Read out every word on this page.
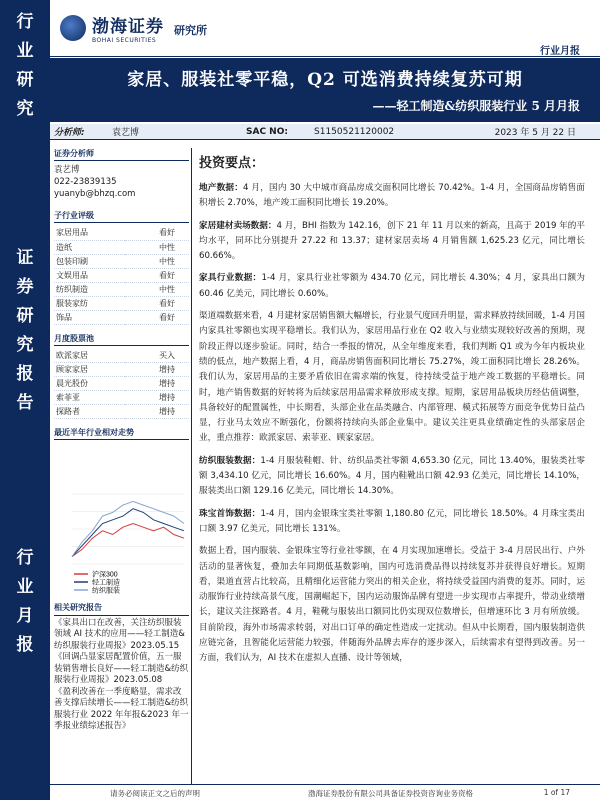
行
业
研
究
证
券
研
究
报
告
行
业
月
报
渤海证券
BOHAI SECURITIES
研究所
行业月报
家居、服装社零平稳，Q2 可选消费持续复苏可期
——轻工制造&纺织服装行业 5 月月报
分析师:	袁艺博	SAC NO:	S1150521120002	2023 年 5 月 22 日
证券分析师
袁艺博
022-23839135
yuanyb@bhzq.com
子行业评级
家居用品	看好
造纸	中性
包装印刷	中性
文娱用品	看好
纺织制造	中性
服装家纺	看好
饰品	看好
月度股票池
欧派家居	买入
顾家家居	增持
晨光股份	增持
索菲亚	增持
探路者	增持
最近半年行业相对走势
沪深300
轻工制造
纺织服装
相关研究报告
《家具出口在改善，关注纺织服装领域 AI 技术的应用——轻工制造&纺织服装行业周报》2023.05.15
《回调凸显家居配置价值，五一服装销售增长良好——轻工制造&纺织服装行业周报》2023.05.08
《盈利改善在一季度略显，需求改善支撑后续增长——轻工制造&纺织服装行业 2022 年年报&2023 年一季报业绩综述报告》
投资要点：
地产数据：4 月，国内 30 大中城市商品房成交面积同比增长 70.42%。1-4 月，全国商品房销售面积增长 2.70%，地产竣工面积同比增长 19.20%。
家居建材卖场数据：4 月，BHI 指数为 142.16，创下 21 年 11 月以来的新高，且高于 2019 年的平均水平，同环比分别提升 27.22 和 13.37；建材家居卖场 4 月销售额 1,625.23 亿元，同比增长 60.66%。
家具行业数据：1-4 月，家具行业社零额为 434.70 亿元，同比增长 4.30%；4 月，家具出口额为 60.46 亿美元，同比增长 0.60%。
渠道端数据来看，4 月建材家居销售额大幅增长，行业景气度回升明显，需求释放持续回暖，1-4 月国内家具社零额也实现平稳增长。我们认为，家居用品行业在 Q2 收入与业绩实现较好改善的预期，现阶段正得以逐步验证。同时，结合一季报的情况，从全年维度来看，我们判断 Q1 或为今年内板块业绩的低点，地产数据上看，4 月，商品房销售面积同比增长 75.27%，竣工面积同比增长 28.26%。我们认为，家居用品的主要矛盾依旧在需求端的恢复，待持续受益于地产竣工数据的平稳增长。同时，地产销售数据的好转将为后续家居用品需求释放形成支撑。短期，家居用品板块历经估值调整，具备较好的配置属性，中长期看，头部企业在品类融合、内部管理、模式拓展等方面竞争优势日益凸显，行业马太效应不断强化，份额将持续向头部企业集中。建议关注更具业绩确定性的头部家居企业，重点推荐：欧派家居、索菲亚、顾家家居。
纺织服装数据：1-4 月服装鞋帽、针、纺织品类社零额 4,653.30 亿元，同比 13.40%，服装类社零额 3,434.10 亿元，同比增长 16.60%。4 月，国内鞋靴出口额 42.93 亿美元，同比增长 14.10%，服装类出口额 129.16 亿美元，同比增长 14.30%。
珠宝首饰数据：1-4 月，国内金银珠宝类社零额 1,180.80 亿元，同比增长 18.50%。4 月珠宝类出口额 3.97 亿美元，同比增长 131%。
数据上看，国内服装、金银珠宝等行业社零额，在 4 月实现加速增长。受益于 3-4 月居民出行、户外活动的显著恢复，叠加去年同期低基数影响，国内可选消费品得以持续复苏并获得良好增长。短期看，渠道直营占比较高，且精细化运营能力突出的相关企业，将持续受益国内消费的复苏。同时，运动服饰行业持续高景气度，国潮崛起下，国内运动服饰品牌有望进一步实现市占率提升，带动业绩增长，建议关注探路者。4 月，鞋靴与服装出口额同比仍实现双位数增长，但增速环比 3 月有所放缓。目前阶段，海外市场需求转弱，对出口订单的确定性造成一定扰动。但从中长期看，国内服装制造供应链完备，且智能化运营能力较强，伴随海外品牌去库存的逐步深入，后续需求有望得到改善。另一方面，我们认为，AI 技术在虚拟人直播、设计等领域，
请务必阅读正文之后的声明	渤海证券股份有限公司具备证券投资咨询业务资格	1 of 17
